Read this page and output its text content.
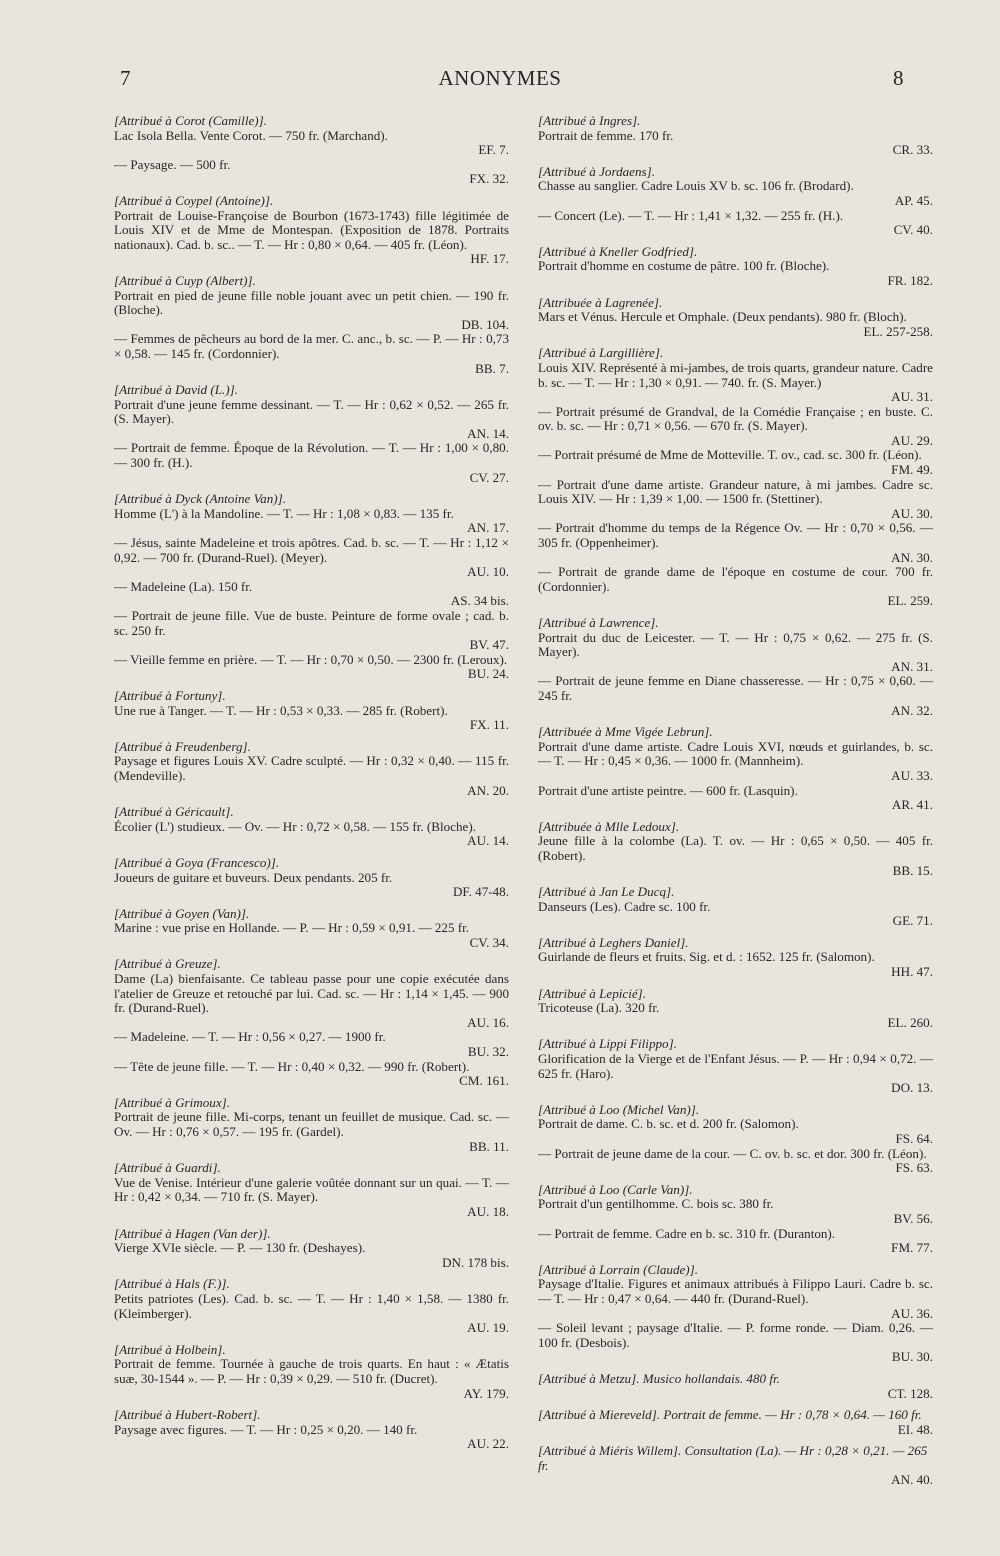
7	ANONYMES	8
[Attribué à Corot (Camille)].
Lac Isola Bella. Vente Corot. — 750 fr. (Marchand).
EF. 7.
— Paysage. — 500 fr.
FX. 32.
[Attribué à Coypel (Antoine)].
Portrait de Louise-Françoise de Bourbon (1673-1743) fille légitimée de Louis XIV et de Mme de Montespan. (Exposition de 1878. Portraits nationaux). Cad. b. sc.. — T. — Hr : 0,80 × 0,64. — 405 fr. (Léon).
HF. 17.
[Attribué à Cuyp (Albert)].
Portrait en pied de jeune fille noble jouant avec un petit chien. — 190 fr. (Bloche).
DB. 104.
— Femmes de pêcheurs au bord de la mer. C. anc., b. sc. — P. — Hr : 0,73 × 0,58. — 145 fr. (Cordonnier).
BB. 7.
[Attribué à David (L.)].
Portrait d'une jeune femme dessinant. — T. — Hr : 0,62 × 0,52. — 265 fr. (S. Mayer).
AN. 14.
— Portrait de femme. Époque de la Révolution. — T. — Hr : 1,00 × 0,80. — 300 fr. (H.).
CV. 27.
[Attribué à Dyck (Antoine Van)].
Homme (L') à la Mandoline. — T. — Hr : 1,08 × 0,83. — 135 fr.
AN. 17.
— Jésus, sainte Madeleine et trois apôtres. Cad. b. sc. — T. — Hr : 1,12 × 0,92. — 700 fr. (Durand-Ruel). (Meyer).
AU. 10.
— Madeleine (La). 150 fr.
AS. 34 bis.
— Portrait de jeune fille. Vue de buste. Peinture de forme ovale ; cad. b. sc. 250 fr.
BV. 47.
— Vieille femme en prière. — T. — Hr : 0,70 × 0,50. — 2300 fr. (Leroux).
BU. 24.
[Attribué à Fortuny].
Une rue à Tanger. — T. — Hr : 0,53 × 0,33. — 285 fr. (Robert).
FX. 11.
[Attribué à Freudenberg].
Paysage et figures Louis XV. Cadre sculpté. — Hr : 0,32 × 0,40. — 115 fr. (Mendeville).
AN. 20.
[Attribué à Géricault].
Écolier (L') studieux. — Ov. — Hr : 0,72 × 0,58. — 155 fr. (Bloche).
AU. 14.
[Attribué à Goya (Francesco)].
Joueurs de guitare et buveurs. Deux pendants. 205 fr.
DF. 47-48.
[Attribué à Goyen (Van)].
Marine : vue prise en Hollande. — P. — Hr : 0,59 × 0,91. — 225 fr.
CV. 34.
[Attribué à Greuze].
Dame (La) bienfaisante. Ce tableau passe pour une copie exécutée dans l'atelier de Greuze et retouché par lui. Cad. sc. — Hr : 1,14 × 1,45. — 900 fr. (Durand-Ruel).
AU. 16.
— Madeleine. — T. — Hr : 0,56 × 0,27. — 1900 fr.
BU. 32.
— Tête de jeune fille. — T. — Hr : 0,40 × 0,32. — 990 fr. (Robert).
CM. 161.
[Attribué à Grimoux].
Portrait de jeune fille. Mi-corps, tenant un feuillet de musique. Cad. sc. — Ov. — Hr : 0,76 × 0,57. — 195 fr. (Gardel).
BB. 11.
[Attribué à Guardi].
Vue de Venise. Intérieur d'une galerie voûtée donnant sur un quai. — T. — Hr : 0,42 × 0,34. — 710 fr. (S. Mayer).
AU. 18.
[Attribué à Hagen (Van der)].
Vierge XVIe siècle. — P. — 130 fr. (Deshayes).
DN. 178 bis.
[Attribué à Hals (F.)].
Petits patriotes (Les). Cad. b. sc. — T. — Hr : 1,40 × 1,58. — 1380 fr. (Kleimberger).
AU. 19.
[Attribué à Holbein].
Portrait de femme. Tournée à gauche de trois quarts. En haut : « Ætatis suæ, 30-1544 ». — P. — Hr : 0,39 × 0,29. — 510 fr. (Ducret).
AY. 179.
[Attribué à Hubert-Robert].
Paysage avec figures. — T. — Hr : 0,25 × 0,20. — 140 fr.
AU. 22.
[Attribué à Ingres].
Portrait de femme. 170 fr.
CR. 33.
[Attribué à Jordaens].
Chasse au sanglier. Cadre Louis XV b. sc. 106 fr. (Brodard).
AP. 45.
— Concert (Le). — T. — Hr : 1,41 × 1,32. — 255 fr. (H.).
CV. 40.
[Attribué à Kneller Godfried].
Portrait d'homme en costume de pâtre. 100 fr. (Bloche).
FR. 182.
[Attribuée à Lagrenée].
Mars et Vénus. Hercule et Omphale. (Deux pendants). 980 fr. (Bloch).
EL. 257-258.
[Attribué à Largillière].
Louis XIV. Représenté à mi-jambes, de trois quarts, grandeur nature. Cadre b. sc. — T. — Hr : 1,30 × 0,91. — 740. fr. (S. Mayer.)
AU. 31.
— Portrait présumé de Grandval, de la Comédie Française ; en buste. C. ov. b. sc. — Hr : 0,71 × 0,56. — 670 fr. (S. Mayer).
AU. 29.
— Portrait présumé de Mme de Motteville. T. ov., cad. sc. 300 fr. (Léon).
FM. 49.
— Portrait d'une dame artiste. Grandeur nature, à mi jambes. Cadre sc. Louis XIV. — Hr : 1,39 × 1,00. — 1500 fr. (Stettiner).
AU. 30.
— Portrait d'homme du temps de la Régence Ov. — Hr : 0,70 × 0,56. — 305 fr. (Oppenheimer).
AN. 30.
— Portrait de grande dame de l'époque en costume de cour. 700 fr. (Cordonnier).
EL. 259.
[Attribué à Lawrence].
Portrait du duc de Leicester. — T. — Hr : 0,75 × 0,62. — 275 fr. (S. Mayer).
AN. 31.
— Portrait de jeune femme en Diane chasseresse. — Hr : 0,75 × 0,60. — 245 fr.
AN. 32.
[Attribuée à Mme Vigée Lebrun].
Portrait d'une dame artiste. Cadre Louis XVI, nœuds et guirlandes, b. sc. — T. — Hr : 0,45 × 0,36. — 1000 fr. (Mannheim).
AU. 33.
Portrait d'une artiste peintre. — 600 fr. (Lasquin).
AR. 41.
[Attribuée à Mlle Ledoux].
Jeune fille à la colombe (La). T. ov. — Hr : 0,65 × 0,50. — 405 fr. (Robert).
BB. 15.
[Attribué à Jan Le Ducq].
Danseurs (Les). Cadre sc. 100 fr.
GE. 71.
[Attribué à Leghers Daniel].
Guirlande de fleurs et fruits. Sig. et d. : 1652. 125 fr. (Salomon).
HH. 47.
[Attribué à Lepicié].
Tricoteuse (La). 320 fr.
EL. 260.
[Attribué à Lippi Filippo].
Glorification de la Vierge et de l'Enfant Jésus. — P. — Hr : 0,94 × 0,72. — 625 fr. (Haro).
DO. 13.
[Attribué à Loo (Michel Van)].
Portrait de dame. C. b. sc. et d. 200 fr. (Salomon).
FS. 64.
— Portrait de jeune dame de la cour. — C. ov. b. sc. et dor. 300 fr. (Léon).
FS. 63.
[Attribué à Loo (Carle Van)].
Portrait d'un gentilhomme. C. bois sc. 380 fr.
BV. 56.
— Portrait de femme. Cadre en b. sc. 310 fr. (Duranton).
FM. 77.
[Attribué à Lorrain (Claude)].
Paysage d'Italie. Figures et animaux attribués à Filippo Lauri. Cadre b. sc. — T. — Hr : 0,47 × 0,64. — 440 fr. (Durand-Ruel).
AU. 36.
— Soleil levant ; paysage d'Italie. — P. forme ronde. — Diam. 0,26. — 100 fr. (Desbois).
BU. 30.
[Attribué à Metzu]. Musico hollandais. 480 fr.
CT. 128.
[Attribué à Miereveld]. Portrait de femme. — Hr : 0,78 × 0,64. — 160 fr.
EI. 48.
[Attribué à Miéris Willem]. Consultation (La). — Hr : 0,28 × 0,21. — 265 fr.
AN. 40.
